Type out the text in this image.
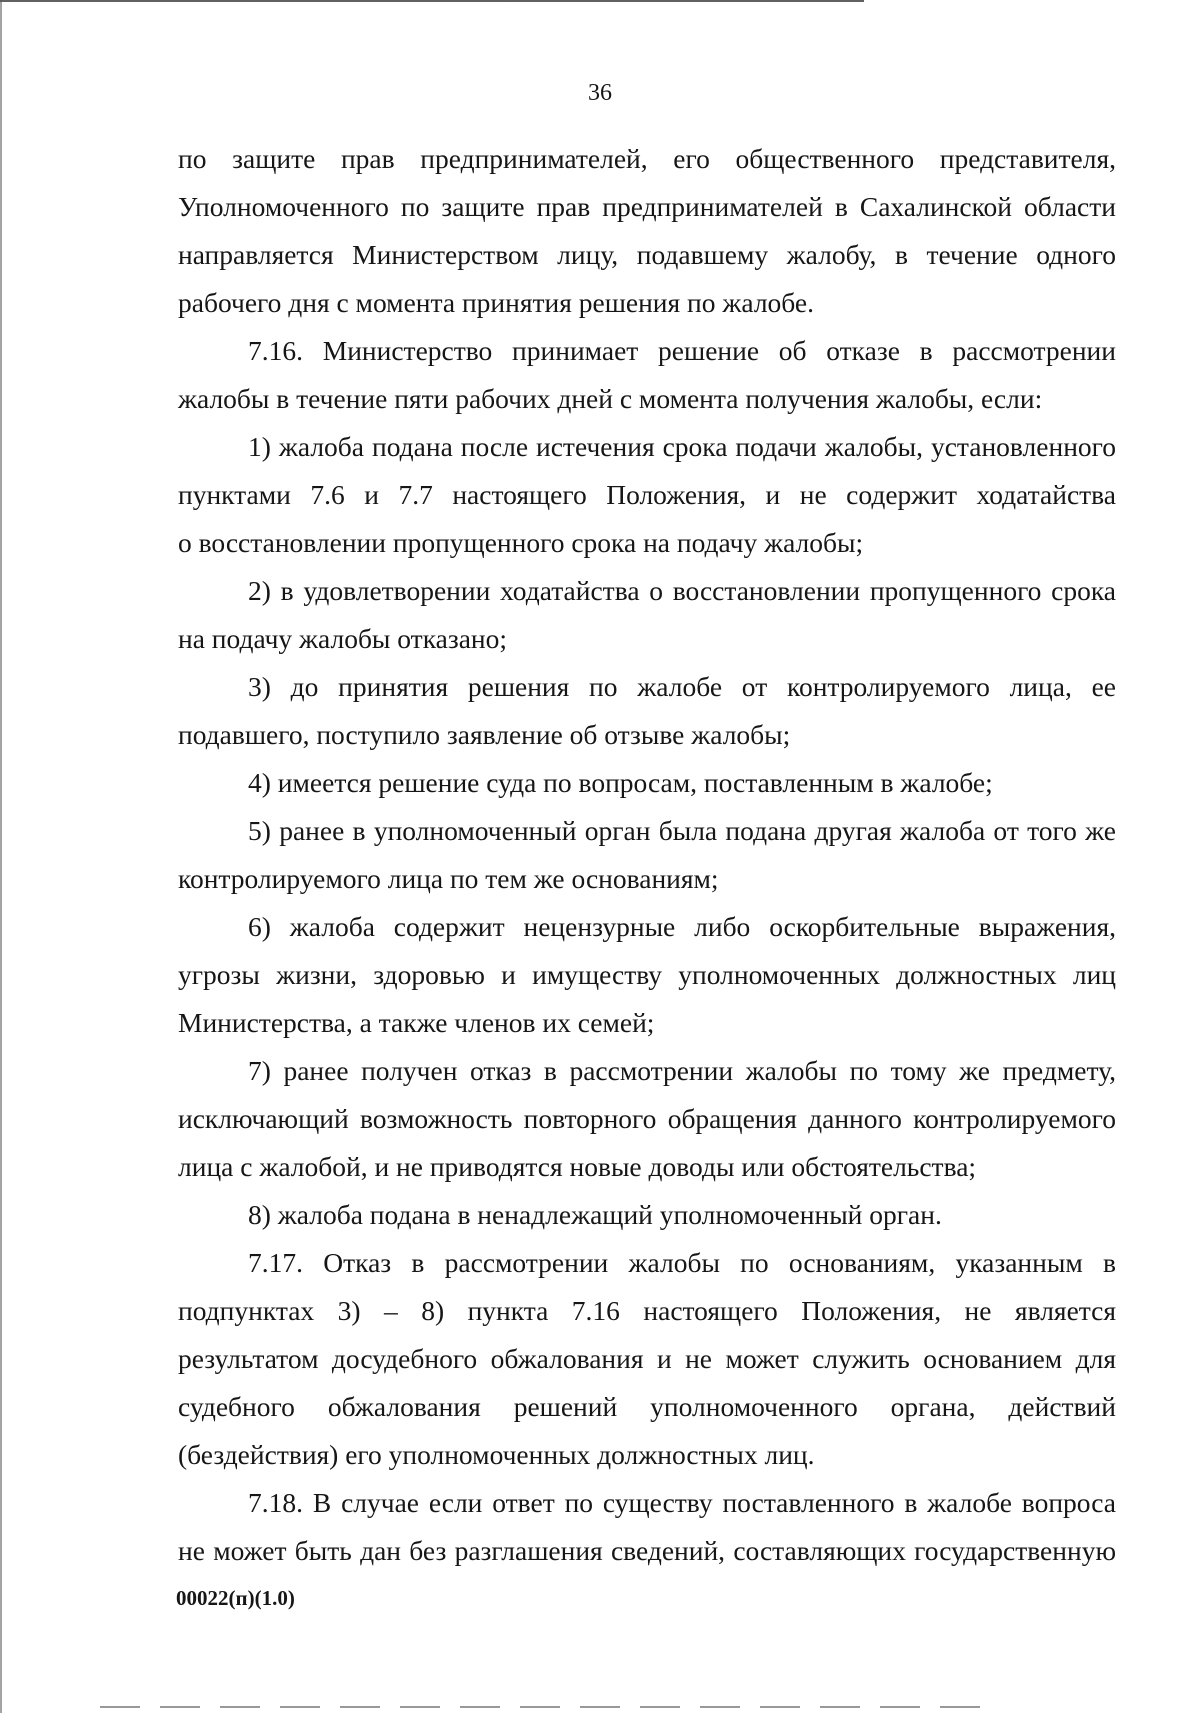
36
по защите прав предпринимателей, его общественного представителя,
Уполномоченного по защите прав предпринимателей в Сахалинской области
направляется Министерством лицу, подавшему жалобу, в течение одного
рабочего дня с момента принятия решения по жалобе.
7.16. Министерство принимает решение об отказе в рассмотрении
жалобы в течение пяти рабочих дней с момента получения жалобы, если:
1) жалоба подана после истечения срока подачи жалобы, установленного
пунктами 7.6 и 7.7 настоящего Положения, и не содержит ходатайства
о восстановлении пропущенного срока на подачу жалобы;
2) в удовлетворении ходатайства о восстановлении пропущенного срока
на подачу жалобы отказано;
3) до принятия решения по жалобе от контролируемого лица, ее
подавшего, поступило заявление об отзыве жалобы;
4) имеется решение суда по вопросам, поставленным в жалобе;
5) ранее в уполномоченный орган была подана другая жалоба от того же
контролируемого лица по тем же основаниям;
6) жалоба содержит нецензурные либо оскорбительные выражения,
угрозы жизни, здоровью и имуществу уполномоченных должностных лиц
Министерства, а также членов их семей;
7) ранее получен отказ в рассмотрении жалобы по тому же предмету,
исключающий возможность повторного обращения данного контролируемого
лица с жалобой, и не приводятся новые доводы или обстоятельства;
8) жалоба подана в ненадлежащий уполномоченный орган.
7.17. Отказ в рассмотрении жалобы по основаниям, указанным в
подпунктах 3) – 8) пункта 7.16 настоящего Положения, не является
результатом досудебного обжалования и не может служить основанием для
судебного обжалования решений уполномоченного органа, действий
(бездействия) его уполномоченных должностных лиц.
7.18. В случае если ответ по существу поставленного в жалобе вопроса
не может быть дан без разглашения сведений, составляющих государственную
00022(п)(1.0)
